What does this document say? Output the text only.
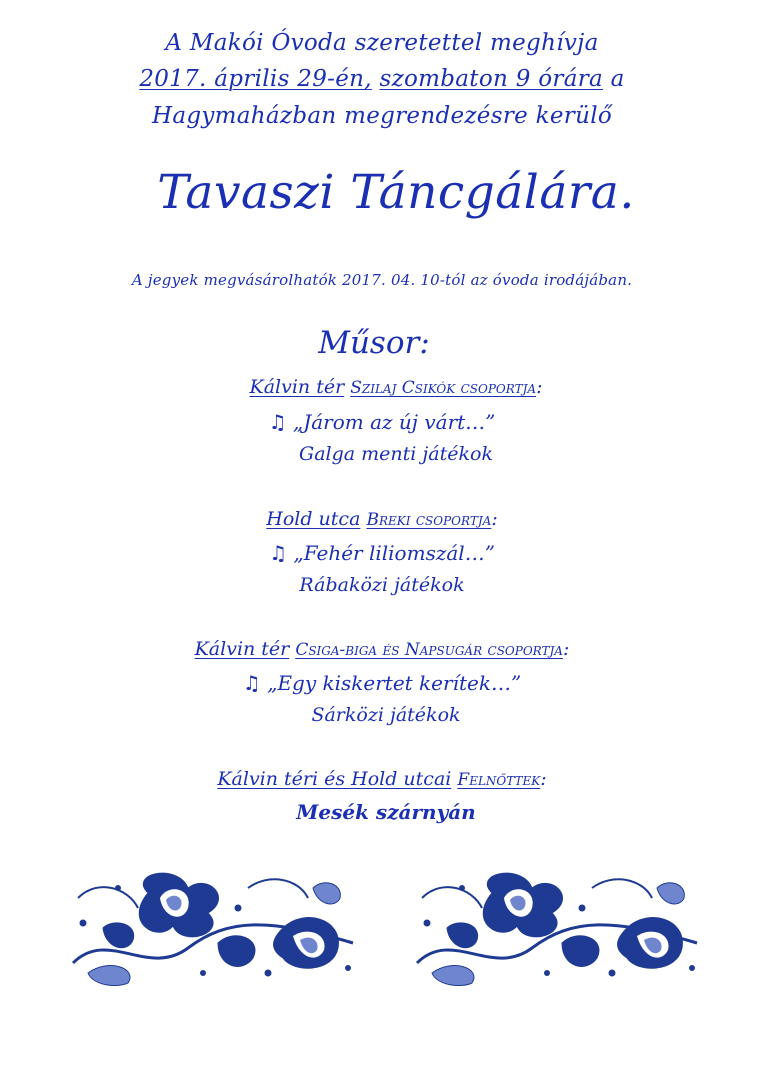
A Makói Óvoda szeretettel meghívja
2017. április 29-én, szombaton 9 órára a
Hagymaházban megrendezésre kerülő
Tavaszi Táncgálára.
A jegyek megvásárolhatók 2017. 04. 10-tól az óvoda irodájában.
Műsor:
Kálvin tér Szilaj Csikók csoportja:
♫ „Járom az új várt…”
Galga menti játékok
Hold utca Breki csoportja:
♫ „Fehér liliomszál…”
Rábaközi játékok
Kálvin tér Csiga-biga és Napsugár csoportja:
♫ „Egy kiskertet kerítek…”
Sárközi játékok
Kálvin téri és Hold utcai Felnőttek:
Mesék szárnyán
